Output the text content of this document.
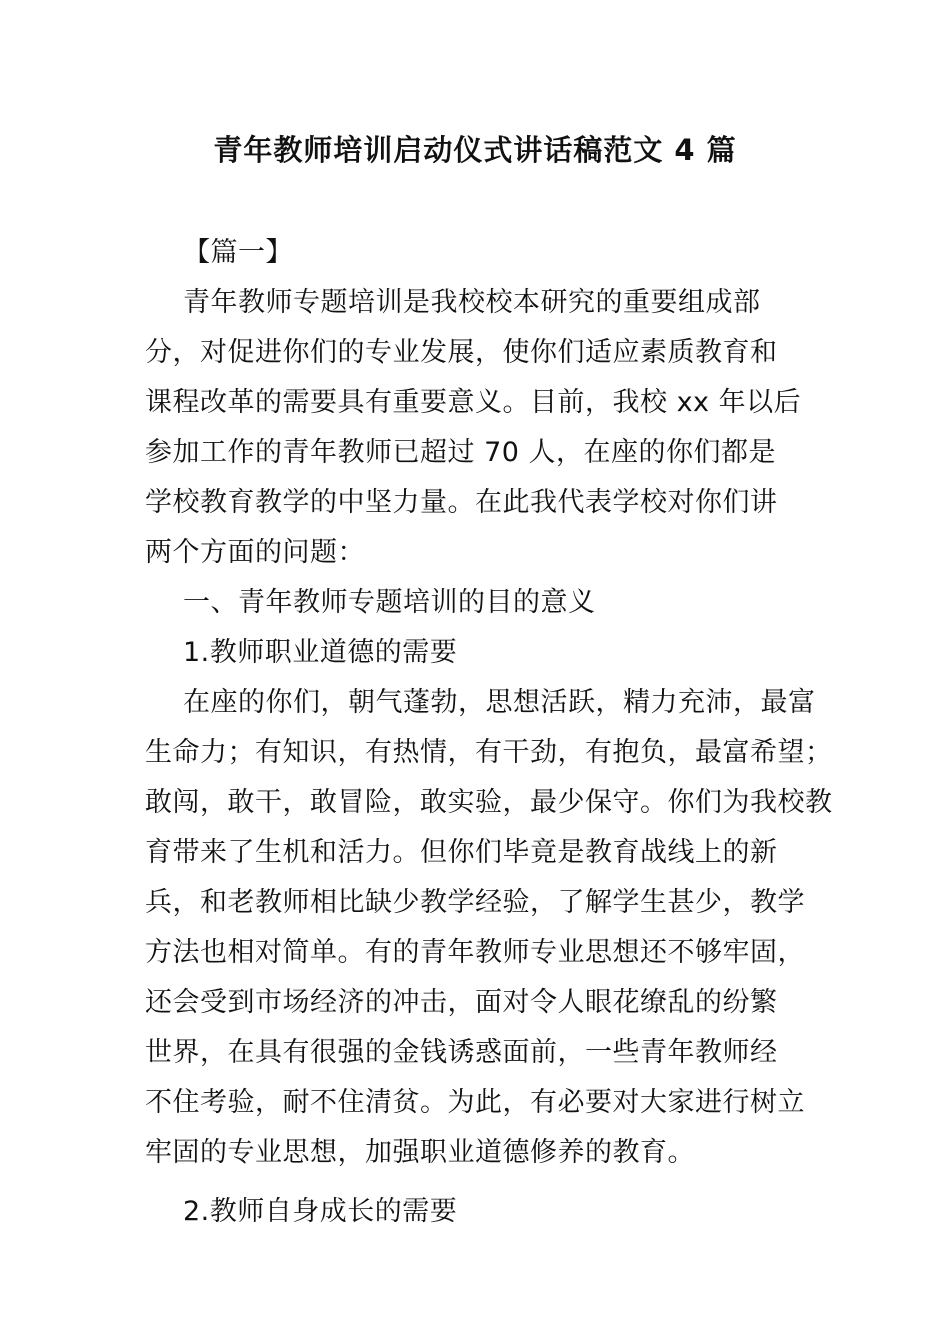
青年教师培训启动仪式讲话稿范文 4 篇
【篇一】
青年教师专题培训是我校校本研究的重要组成部
分，对促进你们的专业发展，使你们适应素质教育和
课程改革的需要具有重要意义。目前，我校 xx 年以后
参加工作的青年教师已超过 70 人，在座的你们都是
学校教育教学的中坚力量。在此我代表学校对你们讲
两个方面的问题：
一、青年教师专题培训的目的意义
1.教师职业道德的需要
在座的你们，朝气蓬勃，思想活跃，精力充沛，最富
生命力；有知识，有热情，有干劲，有抱负，最富希望；
敢闯，敢干，敢冒险，敢实验，最少保守。你们为我校教
育带来了生机和活力。但你们毕竟是教育战线上的新
兵，和老教师相比缺少教学经验，了解学生甚少，教学
方法也相对简单。有的青年教师专业思想还不够牢固，
还会受到市场经济的冲击，面对令人眼花缭乱的纷繁
世界，在具有很强的金钱诱惑面前，一些青年教师经
不住考验，耐不住清贫。为此，有必要对大家进行树立
牢固的专业思想，加强职业道德修养的教育。
2.教师自身成长的需要
